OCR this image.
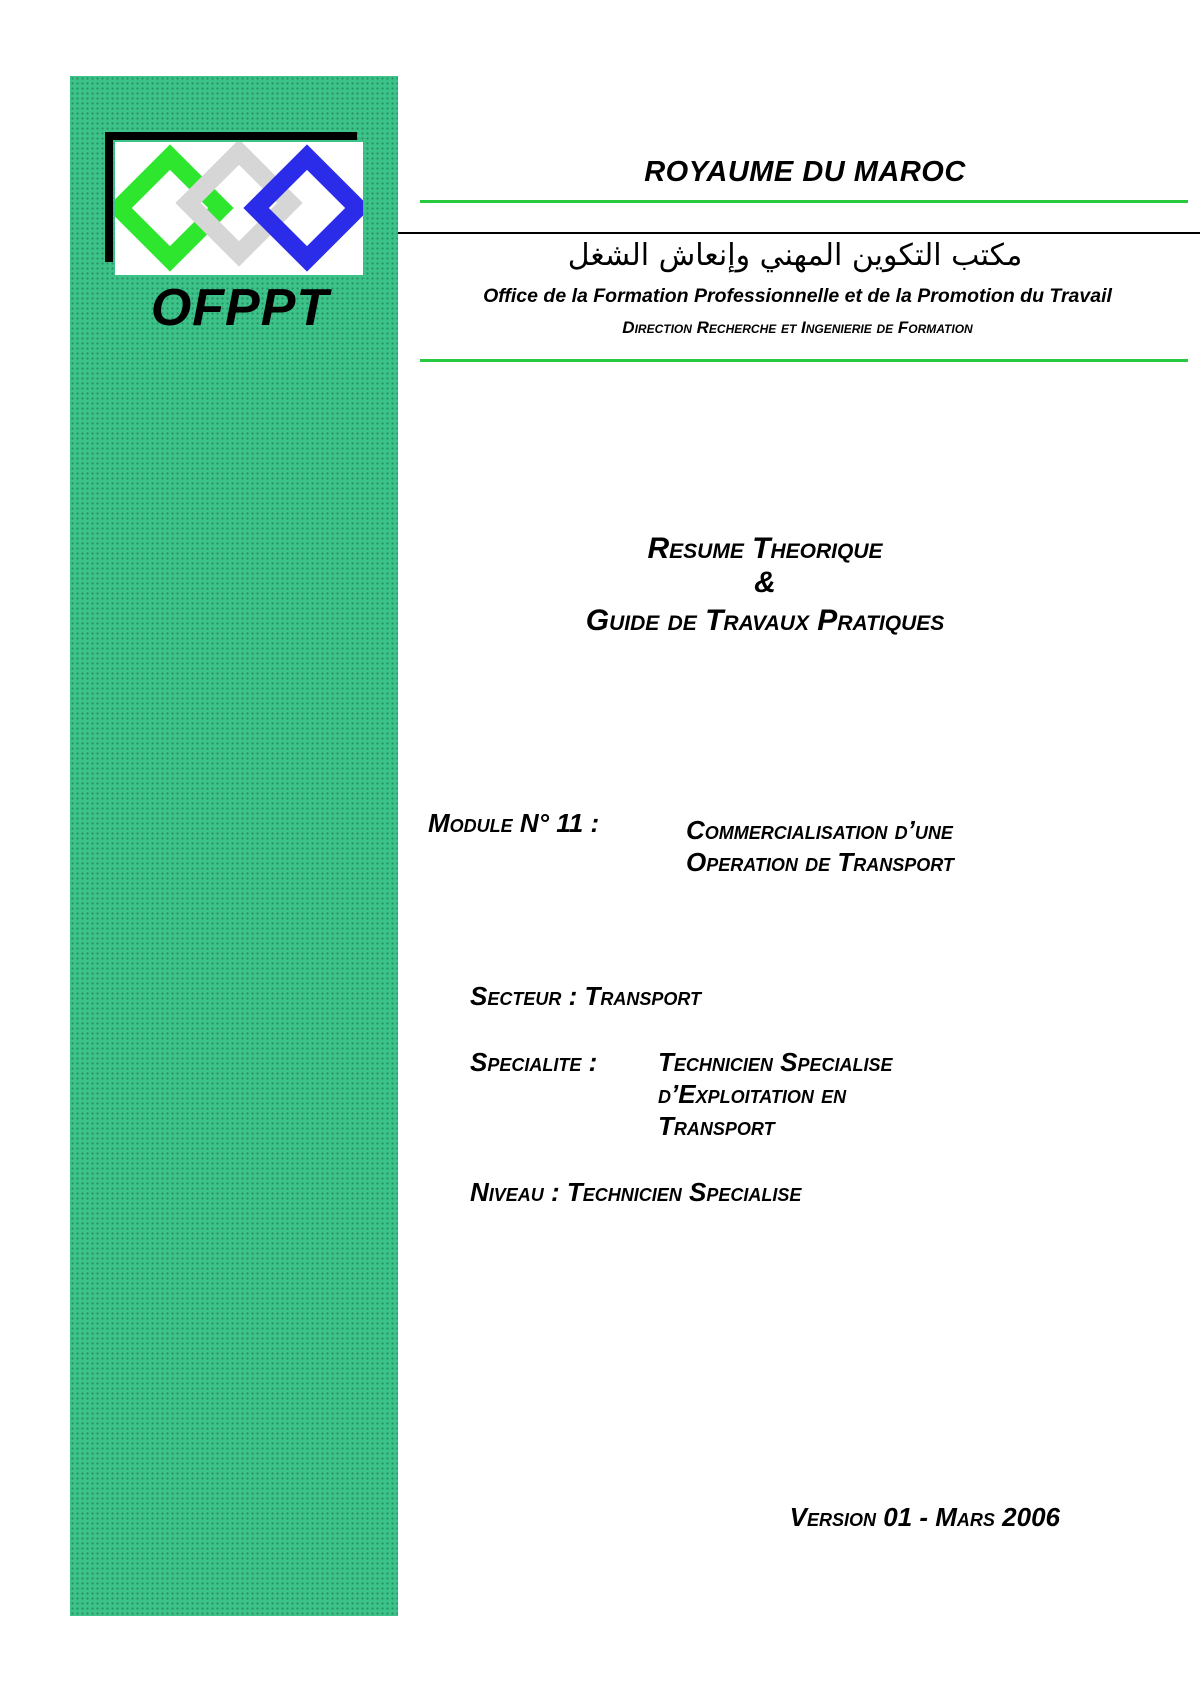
OFPPT
ROYAUME DU MAROC
مكتب التكوين المهني وإنعاش الشغل
Office de la Formation Professionnelle et de la Promotion du Travail
Direction Recherche et Ingenierie de Formation
Resume Theorique
&
Guide de Travaux Pratiques
Module N° 11 :	Commercialisation d’une
Operation de Transport
Secteur : Transport
Specialite : Technicien Specialise
d’Exploitation en
Transport
Niveau : Technicien Specialise
Version 01 - Mars 2006
